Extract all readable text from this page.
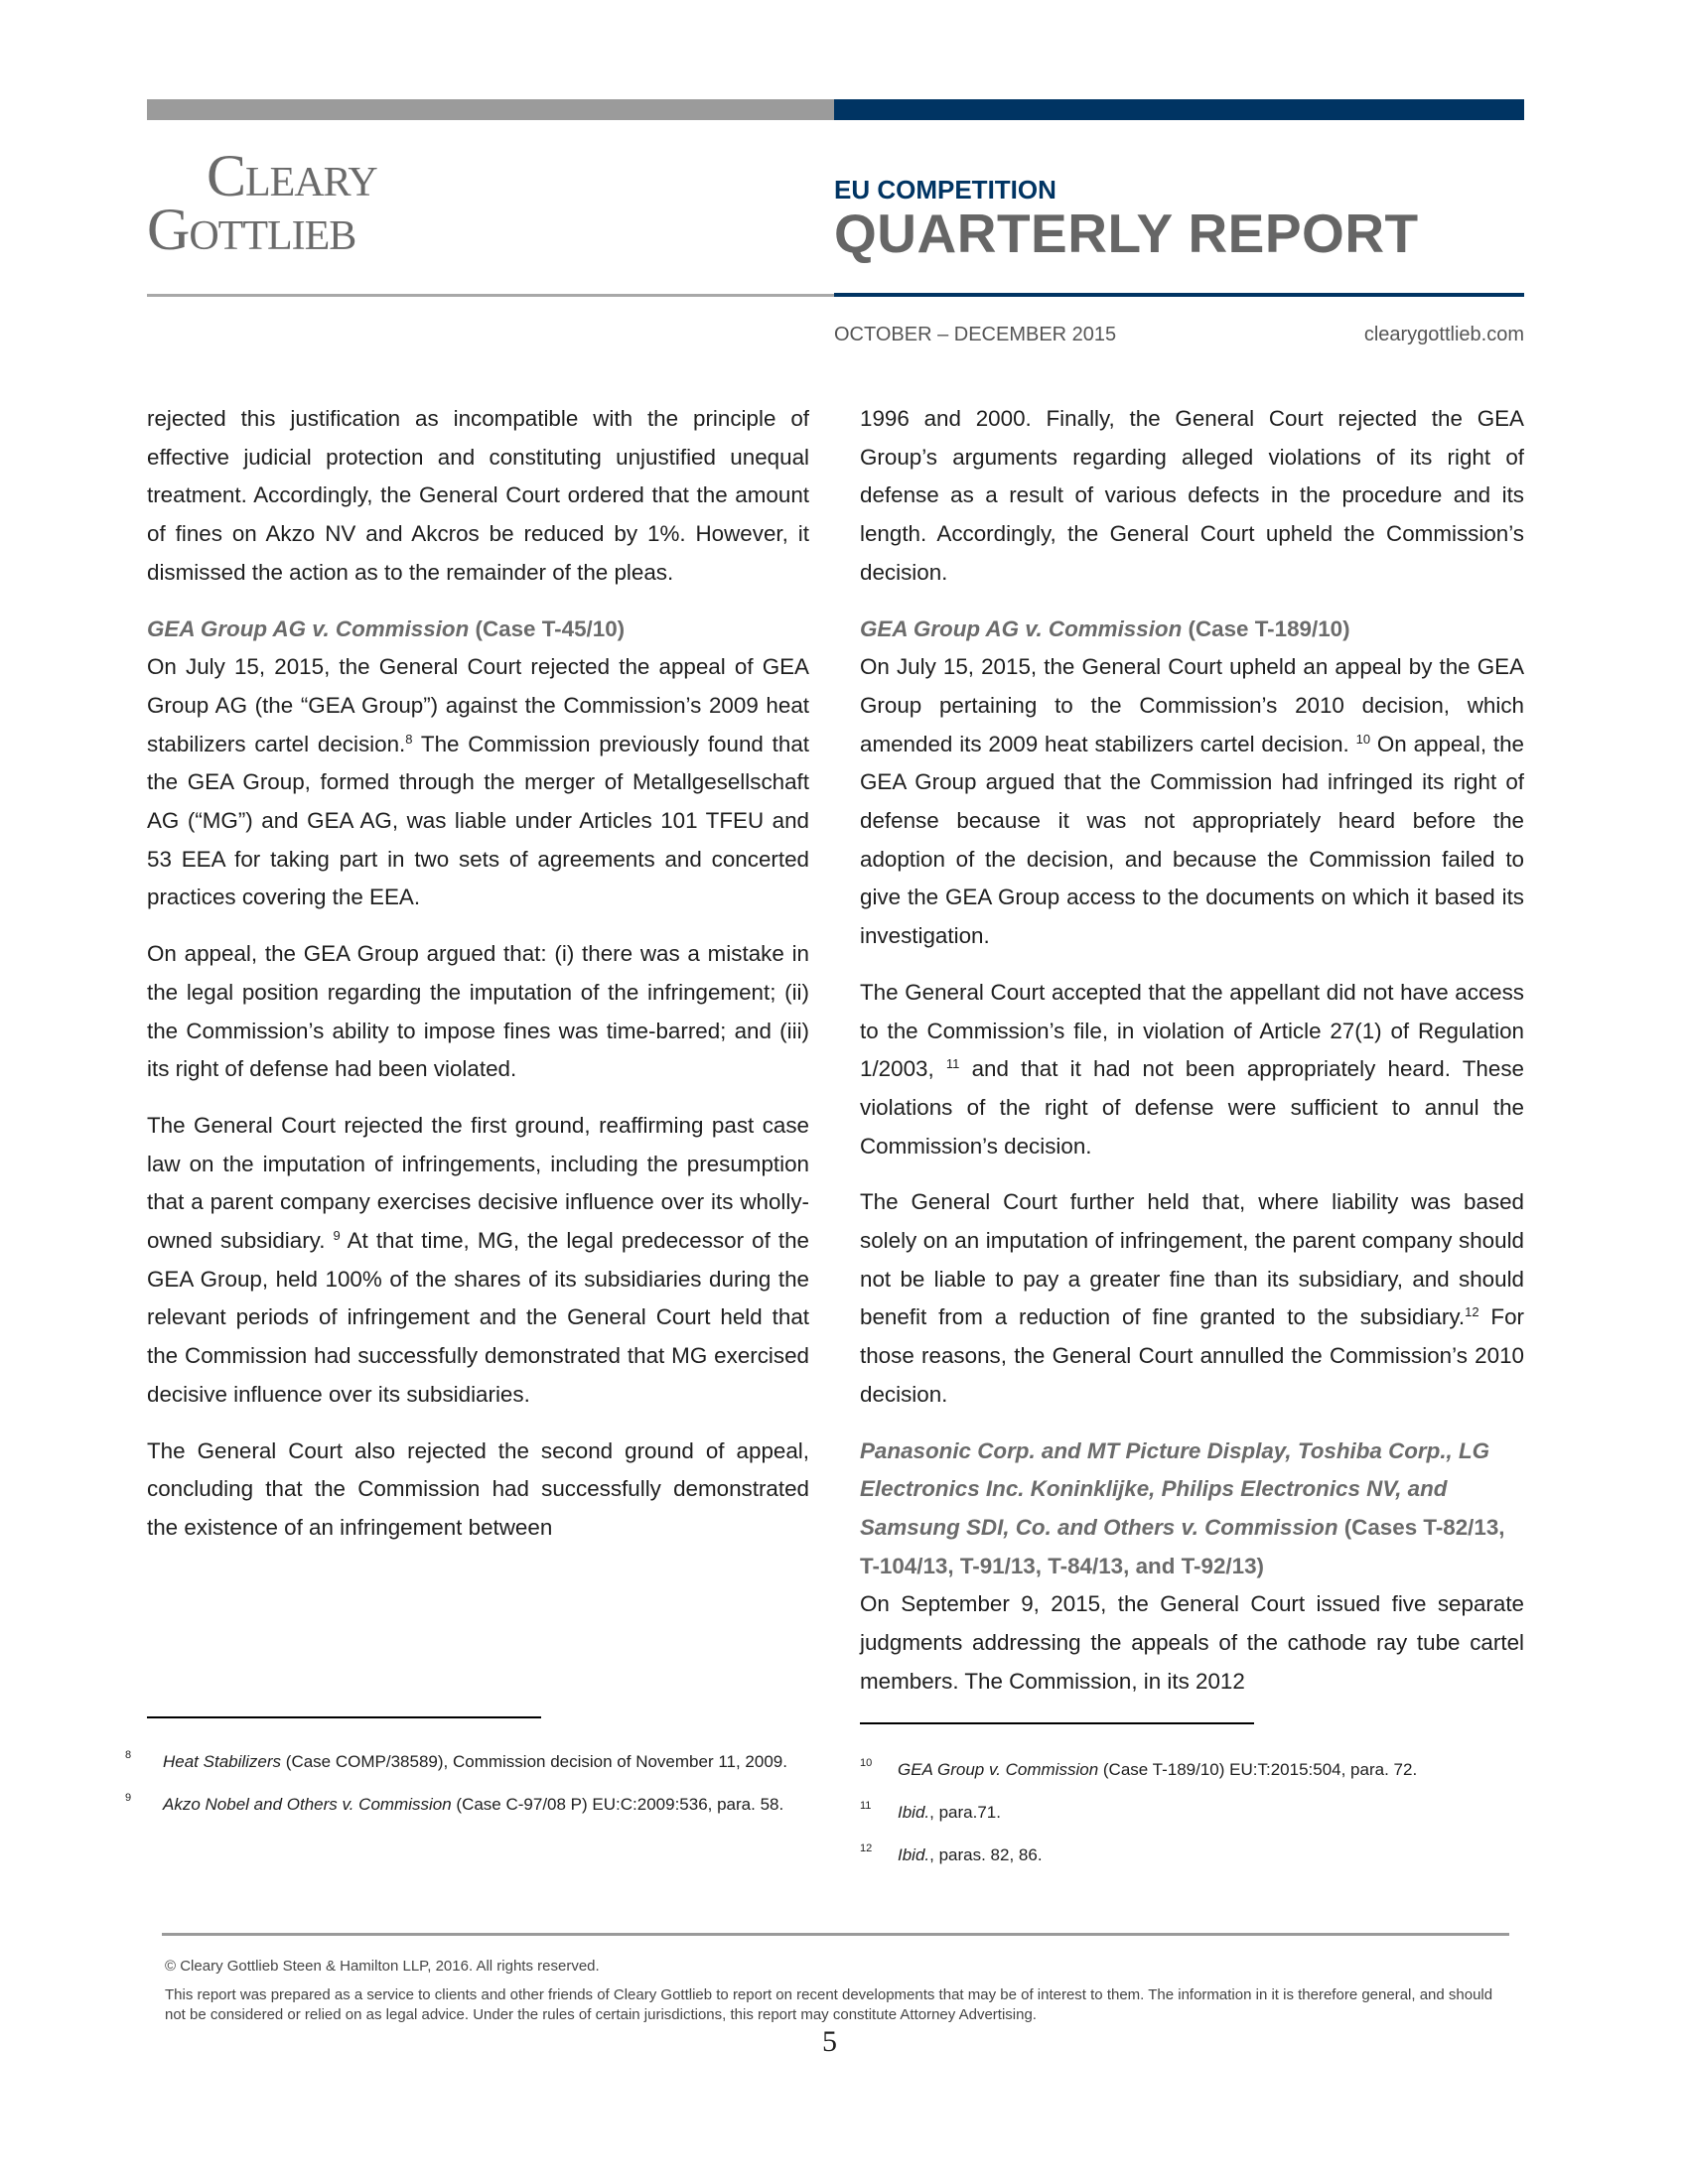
Cleary
Gottlieb
EU COMPETITION
QUARTERLY REPORT
OCTOBER – DECEMBER 2015	clearygottlieb.com

rejected this justification as incompatible with the principle of effective judicial protection and constituting unjustified unequal treatment. Accordingly, the General Court ordered that the amount of fines on Akzo NV and Akcros be reduced by 1%. However, it dismissed the action as to the remainder of the pleas.

GEA Group AG v. Commission (Case T-45/10)

On July 15, 2015, the General Court rejected the appeal of GEA Group AG (the “GEA Group”) against the Commission’s 2009 heat stabilizers cartel decision.$^8$ The Commission previously found that the GEA Group, formed through the merger of Metallgesellschaft AG (“MG”) and GEA AG, was liable under Articles 101 TFEU and 53 EEA for taking part in two sets of agreements and concerted practices covering the EEA.

On appeal, the GEA Group argued that: (i) there was a mistake in the legal position regarding the imputation of the infringement; (ii) the Commission’s ability to impose fines was time-barred; and (iii) its right of defense had been violated.

The General Court rejected the first ground, reaffirming past case law on the imputation of infringements, including the presumption that a parent company exercises decisive influence over its wholly-owned subsidiary. $^9$ At that time, MG, the legal predecessor of the GEA Group, held 100% of the shares of its subsidiaries during the relevant periods of infringement and the General Court held that the Commission had successfully demonstrated that MG exercised decisive influence over its subsidiaries.

The General Court also rejected the second ground of appeal, concluding that the Commission had successfully demonstrated the existence of an infringement between

1996 and 2000. Finally, the General Court rejected the GEA Group’s arguments regarding alleged violations of its right of defense as a result of various defects in the procedure and its length. Accordingly, the General Court upheld the Commission’s decision.

GEA Group AG v. Commission (Case T-189/10)

On July 15, 2015, the General Court upheld an appeal by the GEA Group pertaining to the Commission’s 2010 decision, which amended its 2009 heat stabilizers cartel decision. $^{10}$ On appeal, the GEA Group argued that the Commission had infringed its right of defense because it was not appropriately heard before the adoption of the decision, and because the Commission failed to give the GEA Group access to the documents on which it based its investigation.

The General Court accepted that the appellant did not have access to the Commission’s file, in violation of Article 27(1) of Regulation 1/2003, $^{11}$ and that it had not been appropriately heard. These violations of the right of defense were sufficient to annul the Commission’s decision.

The General Court further held that, where liability was based solely on an imputation of infringement, the parent company should not be liable to pay a greater fine than its subsidiary, and should benefit from a reduction of fine granted to the subsidiary.$^{12}$ For those reasons, the General Court annulled the Commission’s 2010 decision.

Panasonic Corp. and MT Picture Display, Toshiba Corp., LG Electronics Inc. Koninklijke, Philips Electronics NV, and Samsung SDI, Co. and Others v. Commission (Cases T-82/13, T-104/13, T-91/13, T-84/13, and T-92/13)

On September 9, 2015, the General Court issued five separate judgments addressing the appeals of the cathode ray tube cartel members. The Commission, in its 2012

8 Heat Stabilizers (Case COMP/38589), Commission decision of November 11, 2009.
9 Akzo Nobel and Others v. Commission (Case C-97/08 P) EU:C:2009:536, para. 58.
10 GEA Group v. Commission (Case T-189/10) EU:T:2015:504, para. 72.
11 Ibid., para.71.
12 Ibid., paras. 82, 86.
© Cleary Gottlieb Steen & Hamilton LLP, 2016. All rights reserved.
This report was prepared as a service to clients and other friends of Cleary Gottlieb to report on recent developments that may be of interest to them. The information in it is therefore general, and should not be considered or relied on as legal advice. Under the rules of certain jurisdictions, this report may constitute Attorney Advertising.
5
